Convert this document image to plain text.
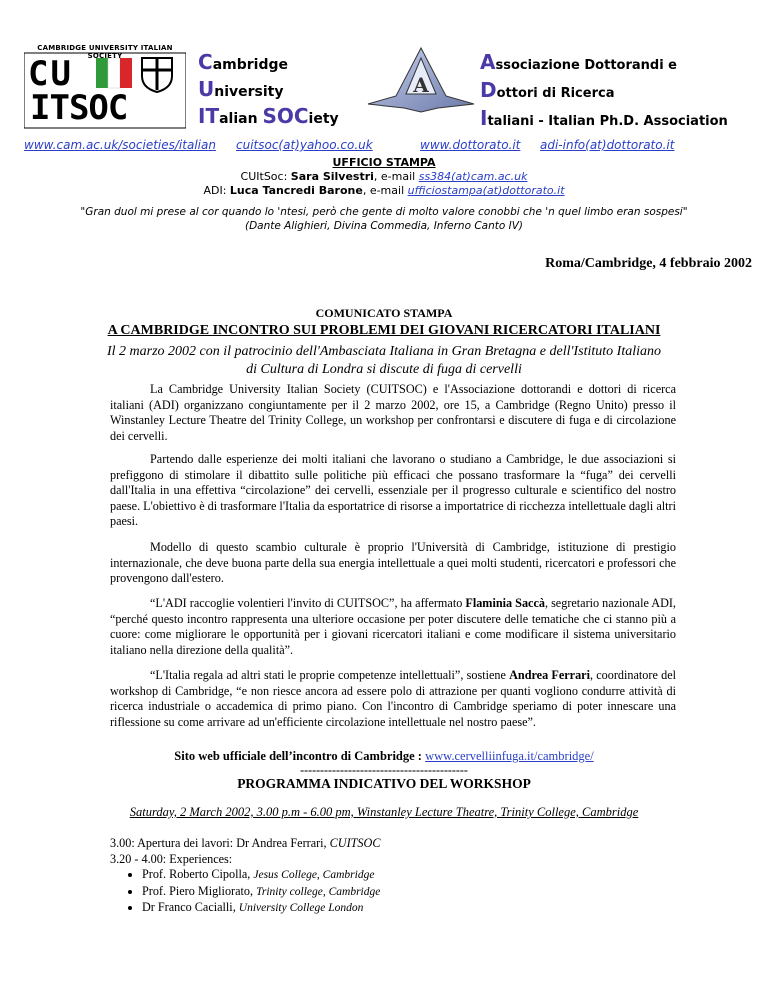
CU
ITSOC
CAMBRIDGE UNIVERSITY ITALIAN SOCIETY	Cambridge
University
ITalian SOCiety
A
Associazione Dottorandi e
Dottori di Ricerca
Italiani - Italian Ph.D. Association
www.cam.ac.uk/societies/italian cuitsoc(at)yahoo.co.uk	www.dottorato.it adi-info(at)dottorato.it
UFFICIO STAMPA
CUItSoc: Sara Silvestri, e-mail ss384(at)cam.ac.uk
ADI: Luca Tancredi Barone, e-mail ufficiostampa(at)dottorato.it
"Gran duol mi prese al cor quando lo 'ntesi, però che gente di molto valore conobbi che 'n quel limbo eran sospesi"
(Dante Alighieri, Divina Commedia, Inferno Canto IV)
Roma/Cambridge, 4 febbraio 2002
COMUNICATO STAMPA
A CAMBRIDGE INCONTRO SUI PROBLEMI DEI GIOVANI RICERCATORI ITALIANI
Il 2 marzo 2002 con il patrocinio dell'Ambasciata Italiana in Gran Bretagna e dell'Istituto Italiano di Cultura di Londra si discute di fuga di cervelli

La Cambridge University Italian Society (CUITSOC) e l'Associazione dottorandi e dottori di ricerca italiani (ADI) organizzano congiuntamente per il 2 marzo 2002, ore 15, a Cambridge (Regno Unito) presso il Winstanley Lecture Theatre del Trinity College, un workshop per confrontarsi e discutere di fuga e di circolazione dei cervelli.

Partendo dalle esperienze dei molti italiani che lavorano o studiano a Cambridge, le due associazioni si prefiggono di stimolare il dibattito sulle politiche più efficaci che possano trasformare la “fuga” dei cervelli dall'Italia in una effettiva “circolazione” dei cervelli, essenziale per il progresso culturale e scientifico del nostro paese. L'obiettivo è di trasformare l'Italia da esportatrice di risorse a importatrice di ricchezza intellettuale dagli altri paesi.

Modello di questo scambio culturale è proprio l'Università di Cambridge, istituzione di prestigio internazionale, che deve buona parte della sua energia intellettuale a quei molti studenti, ricercatori e professori che provengono dall'estero.

“L'ADI raccoglie volentieri l'invito di CUITSOC”, ha affermato Flaminia Saccà, segretario nazionale ADI, “perché questo incontro rappresenta una ulteriore occasione per poter discutere delle tematiche che ci stanno più a cuore: come migliorare le opportunità per i giovani ricercatori italiani e come modificare il sistema universitario italiano nella direzione della qualità”.

“L'Italia regala ad altri stati le proprie competenze intellettuali”, sostiene Andrea Ferrari, coordinatore del workshop di Cambridge, “e non riesce ancora ad essere polo di attrazione per quanti vogliono condurre attività di ricerca industriale o accademica di primo piano. Con l'incontro di Cambridge speriamo di poter innescare una riflessione su come arrivare ad un'efficiente circolazione intellettuale nel nostro paese”.

Sito web ufficiale dell’incontro di Cambridge : www.cervelliinfuga.it/cambridge/
------------------------------------------
PROGRAMMA INDICATIVO DEL WORKSHOP
Saturday, 2 March 2002, 3.00 p.m - 6.00 pm, Winstanley Lecture Theatre, Trinity College, Cambridge
3.00: Apertura dei lavori: Dr Andrea Ferrari, CUITSOC
3.20 - 4.00: Experiences:
• Prof. Roberto Cipolla, Jesus College, Cambridge
• Prof. Piero Migliorato, Trinity college, Cambridge
• Dr Franco Cacialli, University College London
